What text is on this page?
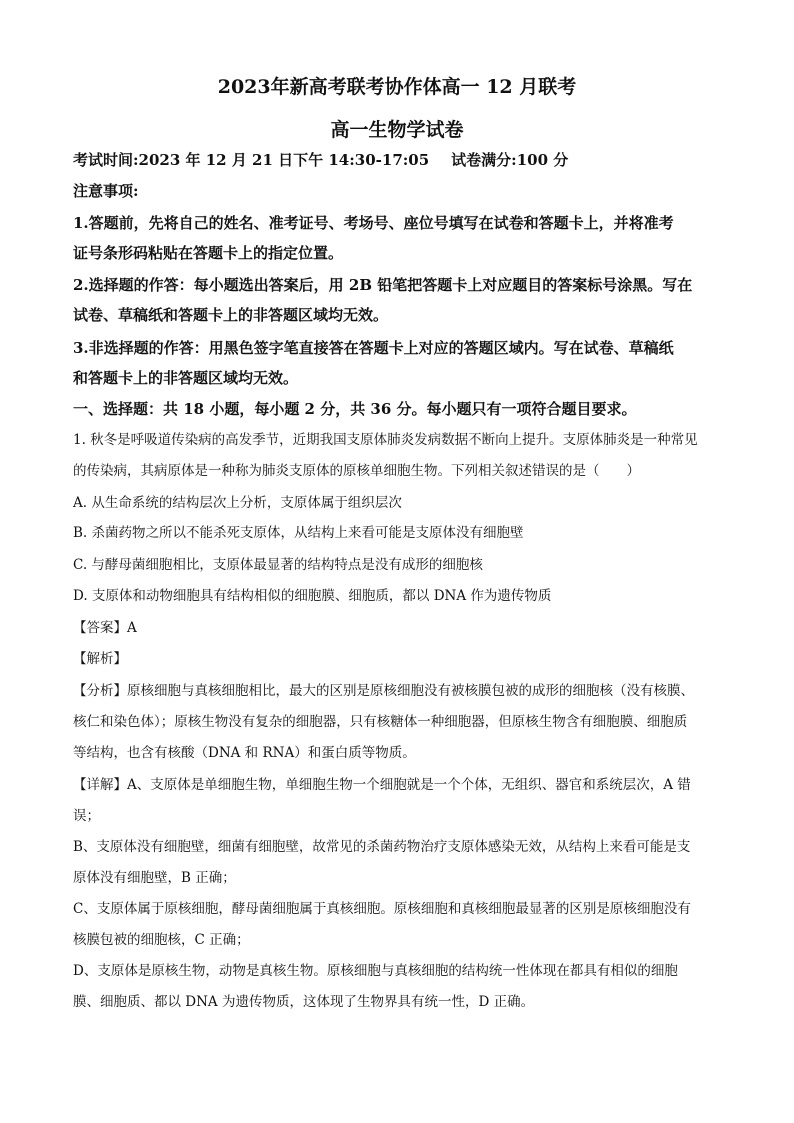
2023年新高考联考协作体高一 12 月联考
高一生物学试卷
考试时间:2023 年 12 月 21 日下午 14:30-17:05 试卷满分:100 分
注意事项:
1.答题前，先将自己的姓名、准考证号、考场号、座位号填写在试卷和答题卡上，并将准考
证号条形码粘贴在答题卡上的指定位置。
2.选择题的作答：每小题选出答案后，用 2B 铅笔把答题卡上对应题目的答案标号涂黑。写在
试卷、草稿纸和答题卡上的非答题区域均无效。
3.非选择题的作答：用黑色签字笔直接答在答题卡上对应的答题区域内。写在试卷、草稿纸
和答题卡上的非答题区域均无效。
一、选择题：共 18 小题，每小题 2 分，共 36 分。每小题只有一项符合题目要求。
1. 秋冬是呼吸道传染病的高发季节，近期我国支原体肺炎发病数据不断向上提升。支原体肺炎是一种常见
的传染病，其病原体是一种称为肺炎支原体的原核单细胞生物。下列相关叙述错误的是（　　）
A. 从生命系统的结构层次上分析，支原体属于组织层次
B. 杀菌药物之所以不能杀死支原体，从结构上来看可能是支原体没有细胞壁
C. 与酵母菌细胞相比，支原体最显著的结构特点是没有成形的细胞核
D. 支原体和动物细胞具有结构相似的细胞膜、细胞质，都以 DNA 作为遗传物质
【答案】A
【解析】
【分析】原核细胞与真核细胞相比，最大的区别是原核细胞没有被核膜包被的成形的细胞核（没有核膜、
核仁和染色体）；原核生物没有复杂的细胞器，只有核糖体一种细胞器，但原核生物含有细胞膜、细胞质
等结构，也含有核酸（DNA 和 RNA）和蛋白质等物质。
【详解】A、支原体是单细胞生物，单细胞生物一个细胞就是一个个体，无组织、器官和系统层次，A 错
误；
B、支原体没有细胞壁，细菌有细胞壁，故常见的杀菌药物治疗支原体感染无效，从结构上来看可能是支
原体没有细胞壁，B 正确；
C、支原体属于原核细胞，酵母菌细胞属于真核细胞。原核细胞和真核细胞最显著的区别是原核细胞没有
核膜包被的细胞核，C 正确；
D、支原体是原核生物，动物是真核生物。原核细胞与真核细胞的结构统一性体现在都具有相似的细胞
膜、细胞质、都以 DNA 为遗传物质，这体现了生物界具有统一性，D 正确。
